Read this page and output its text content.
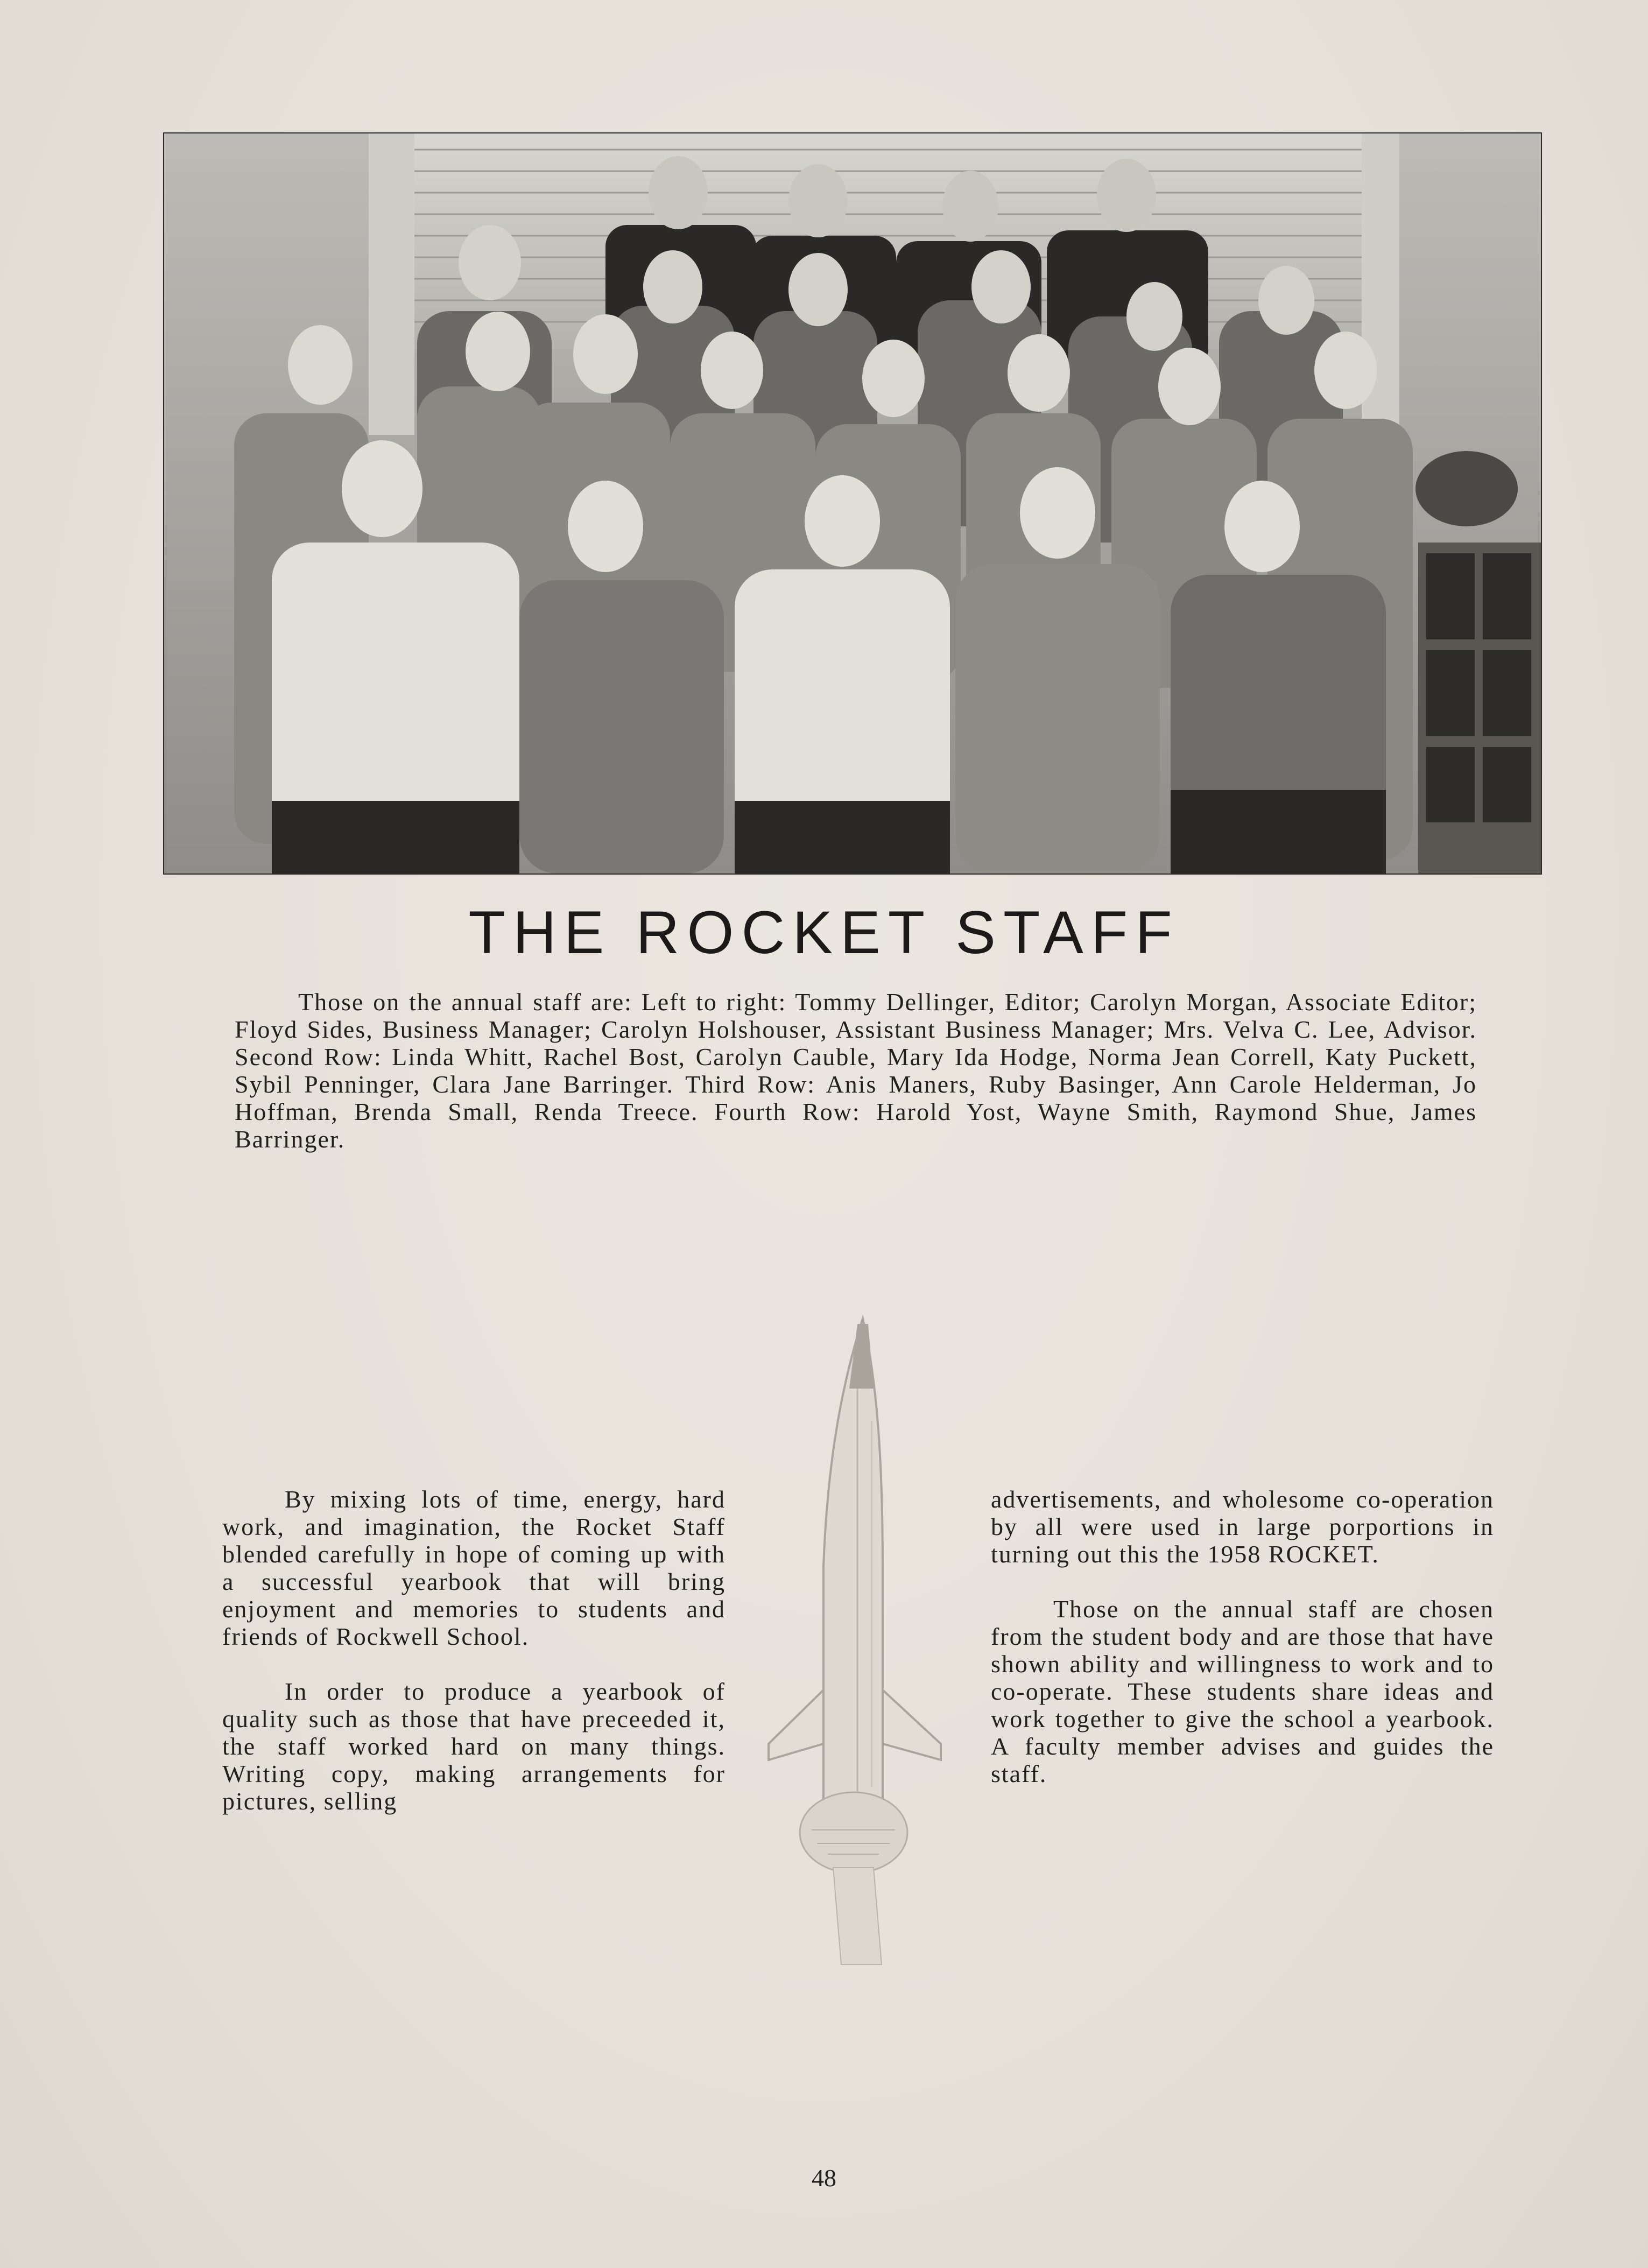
THE ROCKET STAFF

Those on the annual staff are: Left to right: Tommy Dellinger, Editor; Carolyn Morgan, Associate Editor; Floyd Sides, Business Manager; Carolyn Holshouser, Assistant Business Manager; Mrs. Velva C. Lee, Advisor. Second Row: Linda Whitt, Rachel Bost, Carolyn Cauble, Mary Ida Hodge, Norma Jean Correll, Katy Puckett, Sybil Penninger, Clara Jane Barringer. Third Row: Anis Maners, Ruby Basinger, Ann Carole Helderman, Jo Hoffman, Brenda Small, Renda Treece. Fourth Row: Harold Yost, Wayne Smith, Raymond Shue, James Barringer.

By mixing lots of time, energy, hard work, and imagination, the Rocket Staff blended carefully in hope of coming up with a successful yearbook that will bring enjoyment and memories to students and friends of Rockwell School.

In order to produce a yearbook of quality such as those that have preceeded it, the staff worked hard on many things. Writing copy, making arrangements for pictures, selling

advertisements, and wholesome co-operation by all were used in large porportions in turning out this the 1958 ROCKET.

Those on the annual staff are chosen from the student body and are those that have shown ability and willingness to work and to co-operate. These students share ideas and work together to give the school a yearbook. A faculty member advises and guides the staff.

48
